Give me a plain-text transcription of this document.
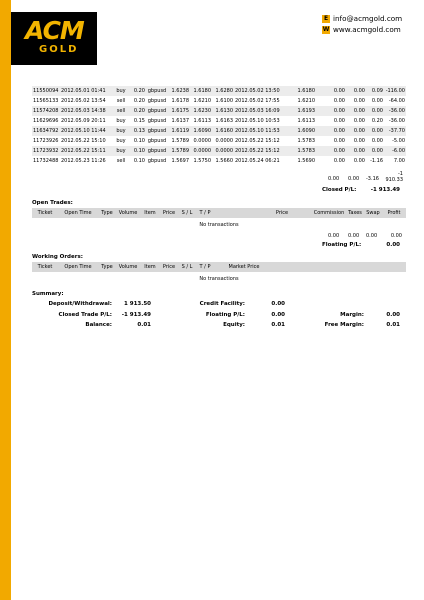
ACM
GOLD
E info@acmgold.com
W www.acmgold.com
11550094	2012.05.01 01:41	buy	0.20	gbpusd	1.6238	1.6180	1.6280	2012.05.02 13:50	1.6180	0.00	0.00	0.09	-116.00
11565133	2012.05.02 13:54	sell	0.20	gbpusd	1.6178	1.6210	1.6100	2012.05.02 17:55	1.6210	0.00	0.00	0.00	-64.00
11574208	2012.05.03 14:38	sell	0.20	gbpusd	1.6175	1.6230	1.6130	2012.05.03 16:09	1.6193	0.00	0.00	0.00	-36.00
11629696	2012.05.09 20:11	buy	0.15	gbpusd	1.6137	1.6113	1.6163	2012.05.10 10:53	1.6113	0.00	0.00	0.20	-36.00
11634792	2012.05.10 11:44	buy	0.13	gbpusd	1.6119	1.6090	1.6160	2012.05.10 11:53	1.6090	0.00	0.00	0.00	-37.70
11723926	2012.05.22 15:10	buy	0.10	gbpusd	1.5789	0.0000	0.0000	2012.05.22 15:12	1.5783	0.00	0.00	0.00	-5.00
11723932	2012.05.22 15:11	buy	0.10	gbpusd	1.5789	0.0000	0.0000	2012.05.22 15:12	1.5783	0.00	0.00	0.00	-6.00
11732488	2012.05.23 11:26	sell	0.10	gbpusd	1.5697	1.5750	1.5660	2012.05.24 06:21	1.5690	0.00	0.00	-1.16	7.00
0.00 0.00 -3.16
-1
910.33
Closed P/L:	-1 913.49
Open Trades:
Ticket	Open Time	Type	Volume	Item	Price	S / L	T / P	Price	Commission Taxes Swap	Profit
No transactions
0.00 0.00 0.00	0.00
Floating P/L:	0.00
Working Orders:
Ticket	Open Time	Type	Volume	Item	Price	S / L	T / P	Market Price
No transactions
Summary:
Deposit/Withdrawal: 1 913.50	Credit Facility:	0.00
Closed Trade P/L: -1 913.49	Floating P/L:	0.00	Margin:	0.00
Balance:	0.01	Equity:	0.01	Free Margin:	0.01
